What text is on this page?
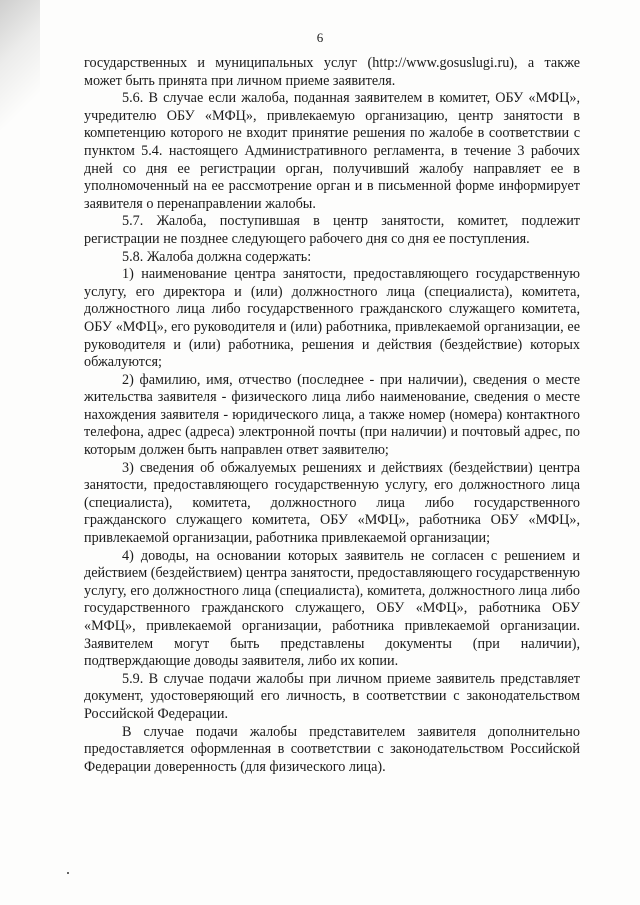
6

государственных и муниципальных услуг (http://www.gosuslugi.ru), а также может быть принята при личном приеме заявителя.

5.6. В случае если жалоба, поданная заявителем в комитет, ОБУ «МФЦ», учредителю ОБУ «МФЦ», привлекаемую организацию, центр занятости в компетенцию которого не входит принятие решения по жалобе в соответствии с пунктом 5.4. настоящего Административного регламента, в течение 3 рабочих дней со дня ее регистрации орган, получивший жалобу направляет ее в уполномоченный на ее рассмотрение орган и в письменной форме информирует заявителя о перенаправлении жалобы.

5.7. Жалоба, поступившая в центр занятости, комитет, подлежит регистрации не позднее следующего рабочего дня со дня ее поступления.

5.8. Жалоба должна содержать:

1) наименование центра занятости, предоставляющего государственную услугу, его директора и (или) должностного лица (специалиста), комитета, должностного лица либо государственного гражданского служащего комитета, ОБУ «МФЦ», его руководителя и (или) работника, привлекаемой организации, ее руководителя и (или) работника, решения и действия (бездействие) которых обжалуются;

2) фамилию, имя, отчество (последнее - при наличии), сведения о месте жительства заявителя - физического лица либо наименование, сведения о месте нахождения заявителя - юридического лица, а также номер (номера) контактного телефона, адрес (адреса) электронной почты (при наличии) и почтовый адрес, по которым должен быть направлен ответ заявителю;

3) сведения об обжалуемых решениях и действиях (бездействии) центра занятости, предоставляющего государственную услугу, его должностного лица (специалиста), комитета, должностного лица либо государственного гражданского служащего комитета, ОБУ «МФЦ», работника ОБУ «МФЦ», привлекаемой организации, работника привлекаемой организации;

4) доводы, на основании которых заявитель не согласен с решением и действием (бездействием) центра занятости, предоставляющего государственную услугу, его должностного лица (специалиста), комитета, должностного лица либо государственного гражданского служащего, ОБУ «МФЦ», работника ОБУ «МФЦ», привлекаемой организации, работника привлекаемой организации. Заявителем могут быть представлены документы (при наличии), подтверждающие доводы заявителя, либо их копии.

5.9. В случае подачи жалобы при личном приеме заявитель представляет документ, удостоверяющий его личность, в соответствии с законодательством Российской Федерации.

В случае подачи жалобы представителем заявителя дополнительно предоставляется оформленная в соответствии с законодательством Российской Федерации доверенность (для физического лица).
